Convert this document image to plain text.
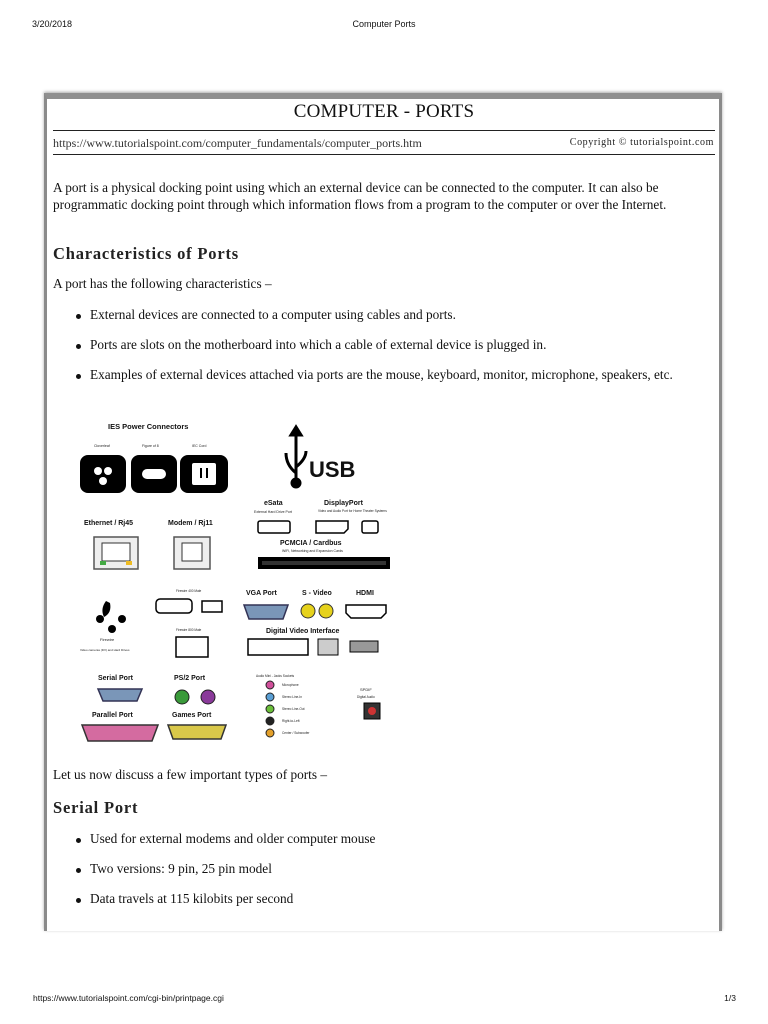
3/20/2018	Computer Ports
COMPUTER - PORTS
https://www.tutorialspoint.com/computer_fundamentals/computer_ports.htm	Copyright © tutorialspoint.com
A port is a physical docking point using which an external device can be connected to the computer. It can also be programmatic docking point through which information flows from a program to the computer or over the Internet.
Characteristics of Ports
A port has the following characteristics –
External devices are connected to a computer using cables and ports.
Ports are slots on the motherboard into which a cable of external device is plugged in.
Examples of external devices attached via ports are the mouse, keyboard, monitor, microphone, speakers, etc.
IES Power Connectors
Cloverleaf	Figure of 8	IEC Cord
USB
eSata
External Hard Drive Port
DisplayPort
Video and Audio Port for Home Theater Systems
PCMCIA / Cardbus
WiFi, Networking and Expansion Cards
Ethernet / Rj45	Modem / Rj11
Firewire
Video cameras (DV) and Hard Drives
Firewire 400 Male
Firewire 800 Male
VGA Port	S - Video	HDMI
Digital Video Interface
Serial Port	PS/2 Port
Parallel Port	Games Port
Audio Mini - Jacks Sockets
Microphone
Stereo Line-In
Stereo Line-Out
Right-to-Left
Center / Subwoofer
SPDIF
Digital Audio
Let us now discuss a few important types of ports –
Serial Port
Used for external modems and older computer mouse
Two versions: 9 pin, 25 pin model
Data travels at 115 kilobits per second
https://www.tutorialspoint.com/cgi-bin/printpage.cgi	1/3
